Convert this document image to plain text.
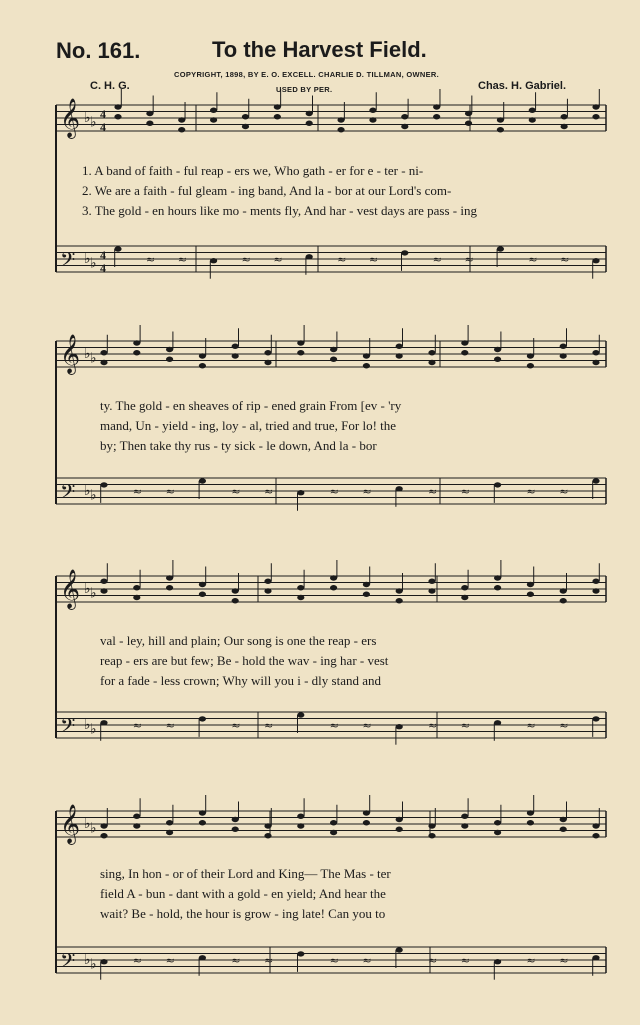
No. 161.	To the Harvest Field.
COPYRIGHT, 1898, BY E. O. EXCELL. CHARLIE D. TILLMAN, OWNER.
USED BY PER.
C. H. G.	Chas. H. Gabriel.
1. A band of faith - ful reap - ers we, Who gath - er for e - ter - ni-
2. We are a faith - ful gleam - ing band, And la - bor at our Lord's com-
3. The gold - en hours like mo - ments fly, And har - vest days are pass - ing
ty. The gold - en sheaves of rip - ened grain From [ev - 'ry
mand, Un - yield - ing, loy - al, tried and true, For lo! the
by; Then take thy rus - ty sick - le down, And la - bor
val - ley, hill and plain; Our song is one the reap - ers
reap - ers are but few; Be - hold the wav - ing har - vest
for a fade - less crown; Why will you i - dly stand and
sing, In hon - or of their Lord and King— The Mas - ter
field A - bun - dant with a gold - en yield; And hear the
wait? Be - hold, the hour is grow - ing late! Can you to
𝄞 ♭ ♭
4
4
𝄢 ♭ ♭
4
4
≈ ≈	≈ ≈	≈ ≈	≈ ≈	≈ ≈
𝄞 ♭ ♭
𝄢 ♭ ♭	≈ ≈	≈ ≈	≈ ≈	≈ ≈	≈ ≈
𝄞 ♭ ♭
𝄢 ♭ ♭	≈ ≈	≈ ≈	≈ ≈	≈ ≈	≈ ≈
𝄞 ♭ ♭
𝄢 ♭ ♭	≈ ≈	≈ ≈	≈ ≈	≈ ≈	≈ ≈
